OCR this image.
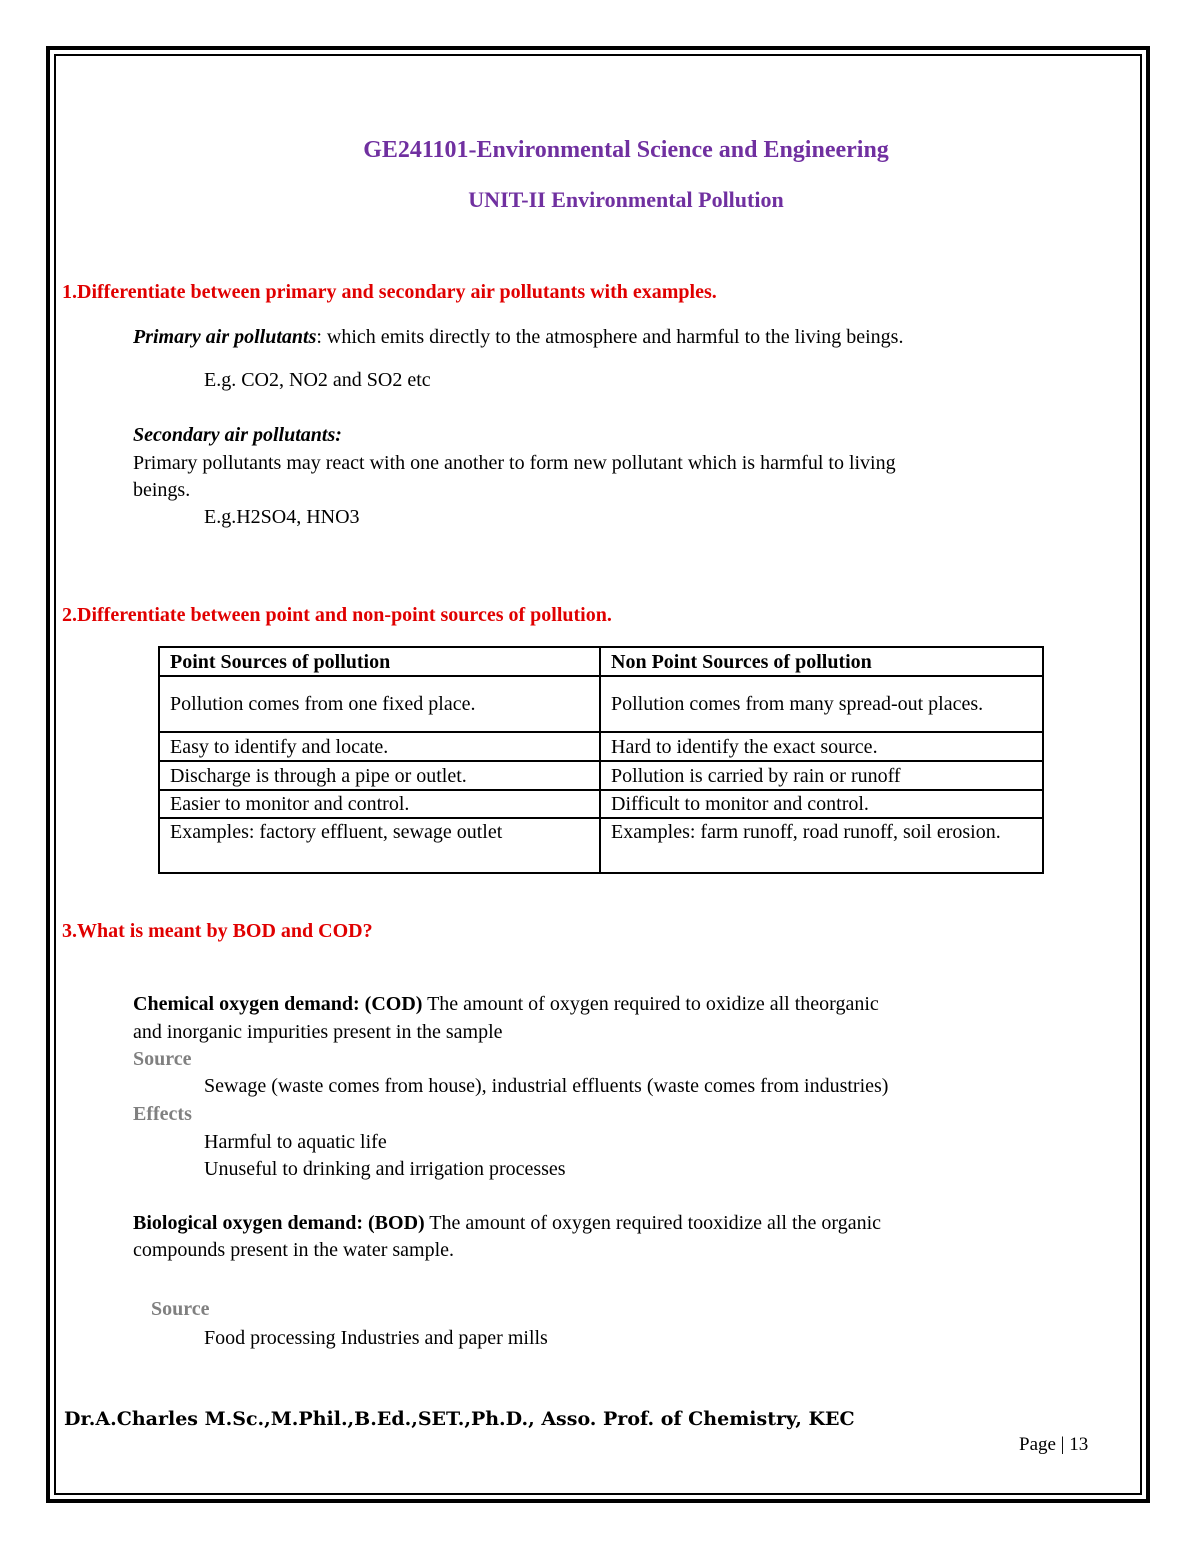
GE241101-Environmental Science and Engineering
UNIT-II Environmental Pollution
1.Differentiate between primary and secondary air pollutants with examples.
Primary air pollutants: which emits directly to the atmosphere and harmful to the living beings.
E.g. CO2, NO2 and SO2 etc
Secondary air pollutants:
Primary pollutants may react with one another to form new pollutant which is harmful to living
beings.
E.g.H2SO4, HNO3
2.Differentiate between point and non-point sources of pollution.
Point Sources of pollution	Non Point Sources of pollution
Pollution comes from one fixed place.	Pollution comes from many spread-out places.
Easy to identify and locate.	Hard to identify the exact source.
Discharge is through a pipe or outlet.	Pollution is carried by rain or runoff
Easier to monitor and control.	Difficult to monitor and control.
Examples: factory effluent, sewage outlet	Examples: farm runoff, road runoff, soil erosion.
3.What is meant by BOD and COD?
Chemical oxygen demand: (COD) The amount of oxygen required to oxidize all theorganic
and inorganic impurities present in the sample
Source
Sewage (waste comes from house), industrial effluents (waste comes from industries)
Effects
Harmful to aquatic life
Unuseful to drinking and irrigation processes
Biological oxygen demand: (BOD) The amount of oxygen required tooxidize all the organic
compounds present in the water sample.
Source
Food processing Industries and paper mills
Dr.A.Charles M.Sc.,M.Phil.,B.Ed.,SET.,Ph.D., Asso. Prof. of Chemistry, KEC
Page | 13
